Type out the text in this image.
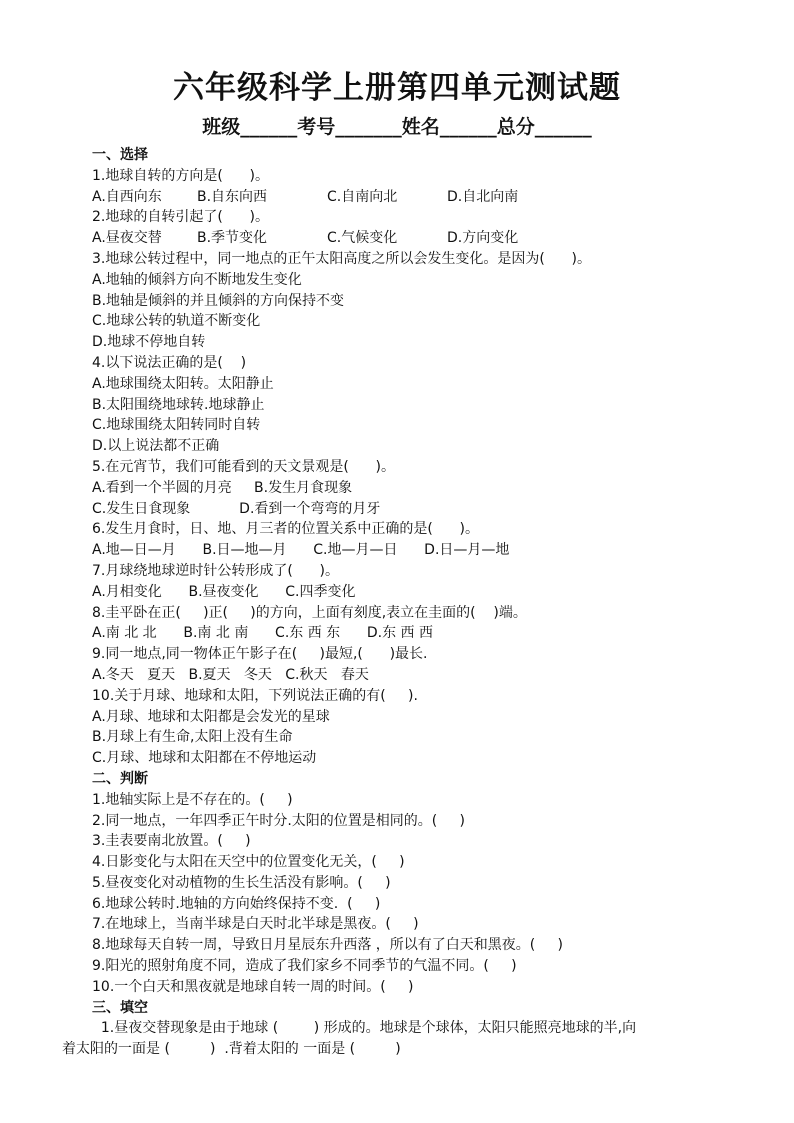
六年级科学上册第四单元测试题
班级______考号_______姓名______总分______
一、选择
1.地球自转的方向是(      )。
A.自西向东	B.自东向西	C.自南向北	D.自北向南
2.地球的自转引起了(      )。
A.昼夜交替	B.季节变化	C.气候变化	D.方向变化
3.地球公转过程中，同一地点的正午太阳高度之所以会发生变化。是因为(      )。
A.地轴的倾斜方向不断地发生变化
B.地轴是倾斜的并且倾斜的方向保持不变
C.地球公转的轨道不断变化
D.地球不停地自转
4.以下说法正确的是(    )
A.地球围绕太阳转。太阳静止
B.太阳围绕地球转.地球静止
C.地球围绕太阳转同时自转
D.以上说法都不正确
5.在元宵节，我们可能看到的天文景观是(      )。
A.看到一个半圆的月亮     B.发生月食现象
C.发生日食现象           D.看到一个弯弯的月牙
6.发生月食时，日、地、月三者的位置关系中正确的是(      )。
A.地—日—月      B.日—地—月      C.地—月—日      D.日—月—地
7.月球绕地球逆时针公转形成了(      )。
A.月相变化      B.昼夜变化      C.四季变化
8.圭平卧在正(     )正(     )的方向，上面有刻度,表立在圭面的(    )端。
A.南 北 北      B.南 北 南      C.东 西 东      D.东 西 西
9.同一地点,同一物体正午影子在(     )最短,(      )最长.
A.冬天   夏天   B.夏天   冬天   C.秋天   春天
10.关于月球、地球和太阳，下列说法正确的有(     ).
A.月球、地球和太阳都是会发光的星球
B.月球上有生命,太阳上没有生命
C.月球、地球和太阳都在不停地运动
二、判断
1.地轴实际上是不存在的。(     )
2.同一地点，一年四季正午时分.太阳的位置是相同的。(     )
3.圭表要南北放置。(     )
4.日影变化与太阳在天空中的位置变化无关，(     )
5.昼夜变化对动植物的生长生活没有影响。(     )
6.地球公转时.地轴的方向始终保持不变.  (     )
7.在地球上，当南半球是白天时北半球是黑夜。(     )
8.地球每天自转一周，导致日月星辰东升西落 ，所以有了白天和黑夜。(     )
9.阳光的照射角度不同，造成了我们家乡不同季节的气温不同。(     )
10.一个白天和黑夜就是地球自转一周的时间。(     )
三、填空
1.昼夜交替现象是由于地球 (        ) 形成的。地球是个球体，太阳只能照亮地球的半,向
着太阳的一面是 (         )  .背着太阳的 一面是 (         )
